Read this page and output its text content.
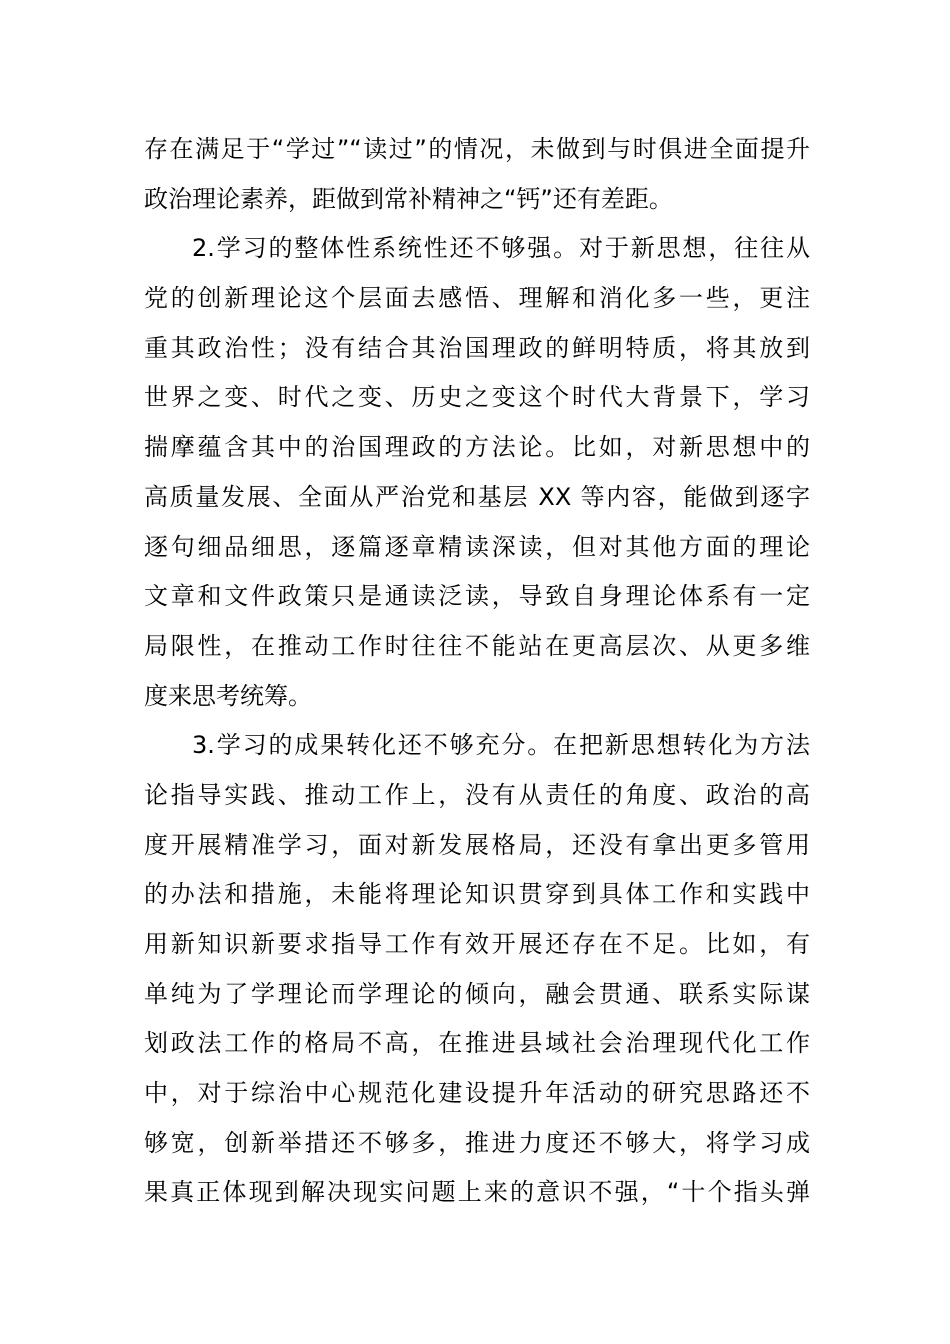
存在满足于“学过”“读过”的情况，未做到与时俱进全面提升
政治理论素养，距做到常补精神之“钙”还有差距。
2.学习的整体性系统性还不够强。对于新思想，往往从
党的创新理论这个层面去感悟、理解和消化多一些，更注
重其政治性；没有结合其治国理政的鲜明特质，将其放到
世界之变、时代之变、历史之变这个时代大背景下，学习
揣摩蕴含其中的治国理政的方法论。比如，对新思想中的
高质量发展、全面从严治党和基层 XX 等内容，能做到逐字
逐句细品细思，逐篇逐章精读深读，但对其他方面的理论
文章和文件政策只是通读泛读，导致自身理论体系有一定
局限性，在推动工作时往往不能站在更高层次、从更多维
度来思考统筹。
3.学习的成果转化还不够充分。在把新思想转化为方法
论指导实践、推动工作上，没有从责任的角度、政治的高
度开展精准学习，面对新发展格局，还没有拿出更多管用
的办法和措施，未能将理论知识贯穿到具体工作和实践中
用新知识新要求指导工作有效开展还存在不足。比如，有
单纯为了学理论而学理论的倾向，融会贯通、联系实际谋
划政法工作的格局不高，在推进县域社会治理现代化工作
中，对于综治中心规范化建设提升年活动的研究思路还不
够宽，创新举措还不够多，推进力度还不够大，将学习成
果真正体现到解决现实问题上来的意识不强，“十个指头弹
